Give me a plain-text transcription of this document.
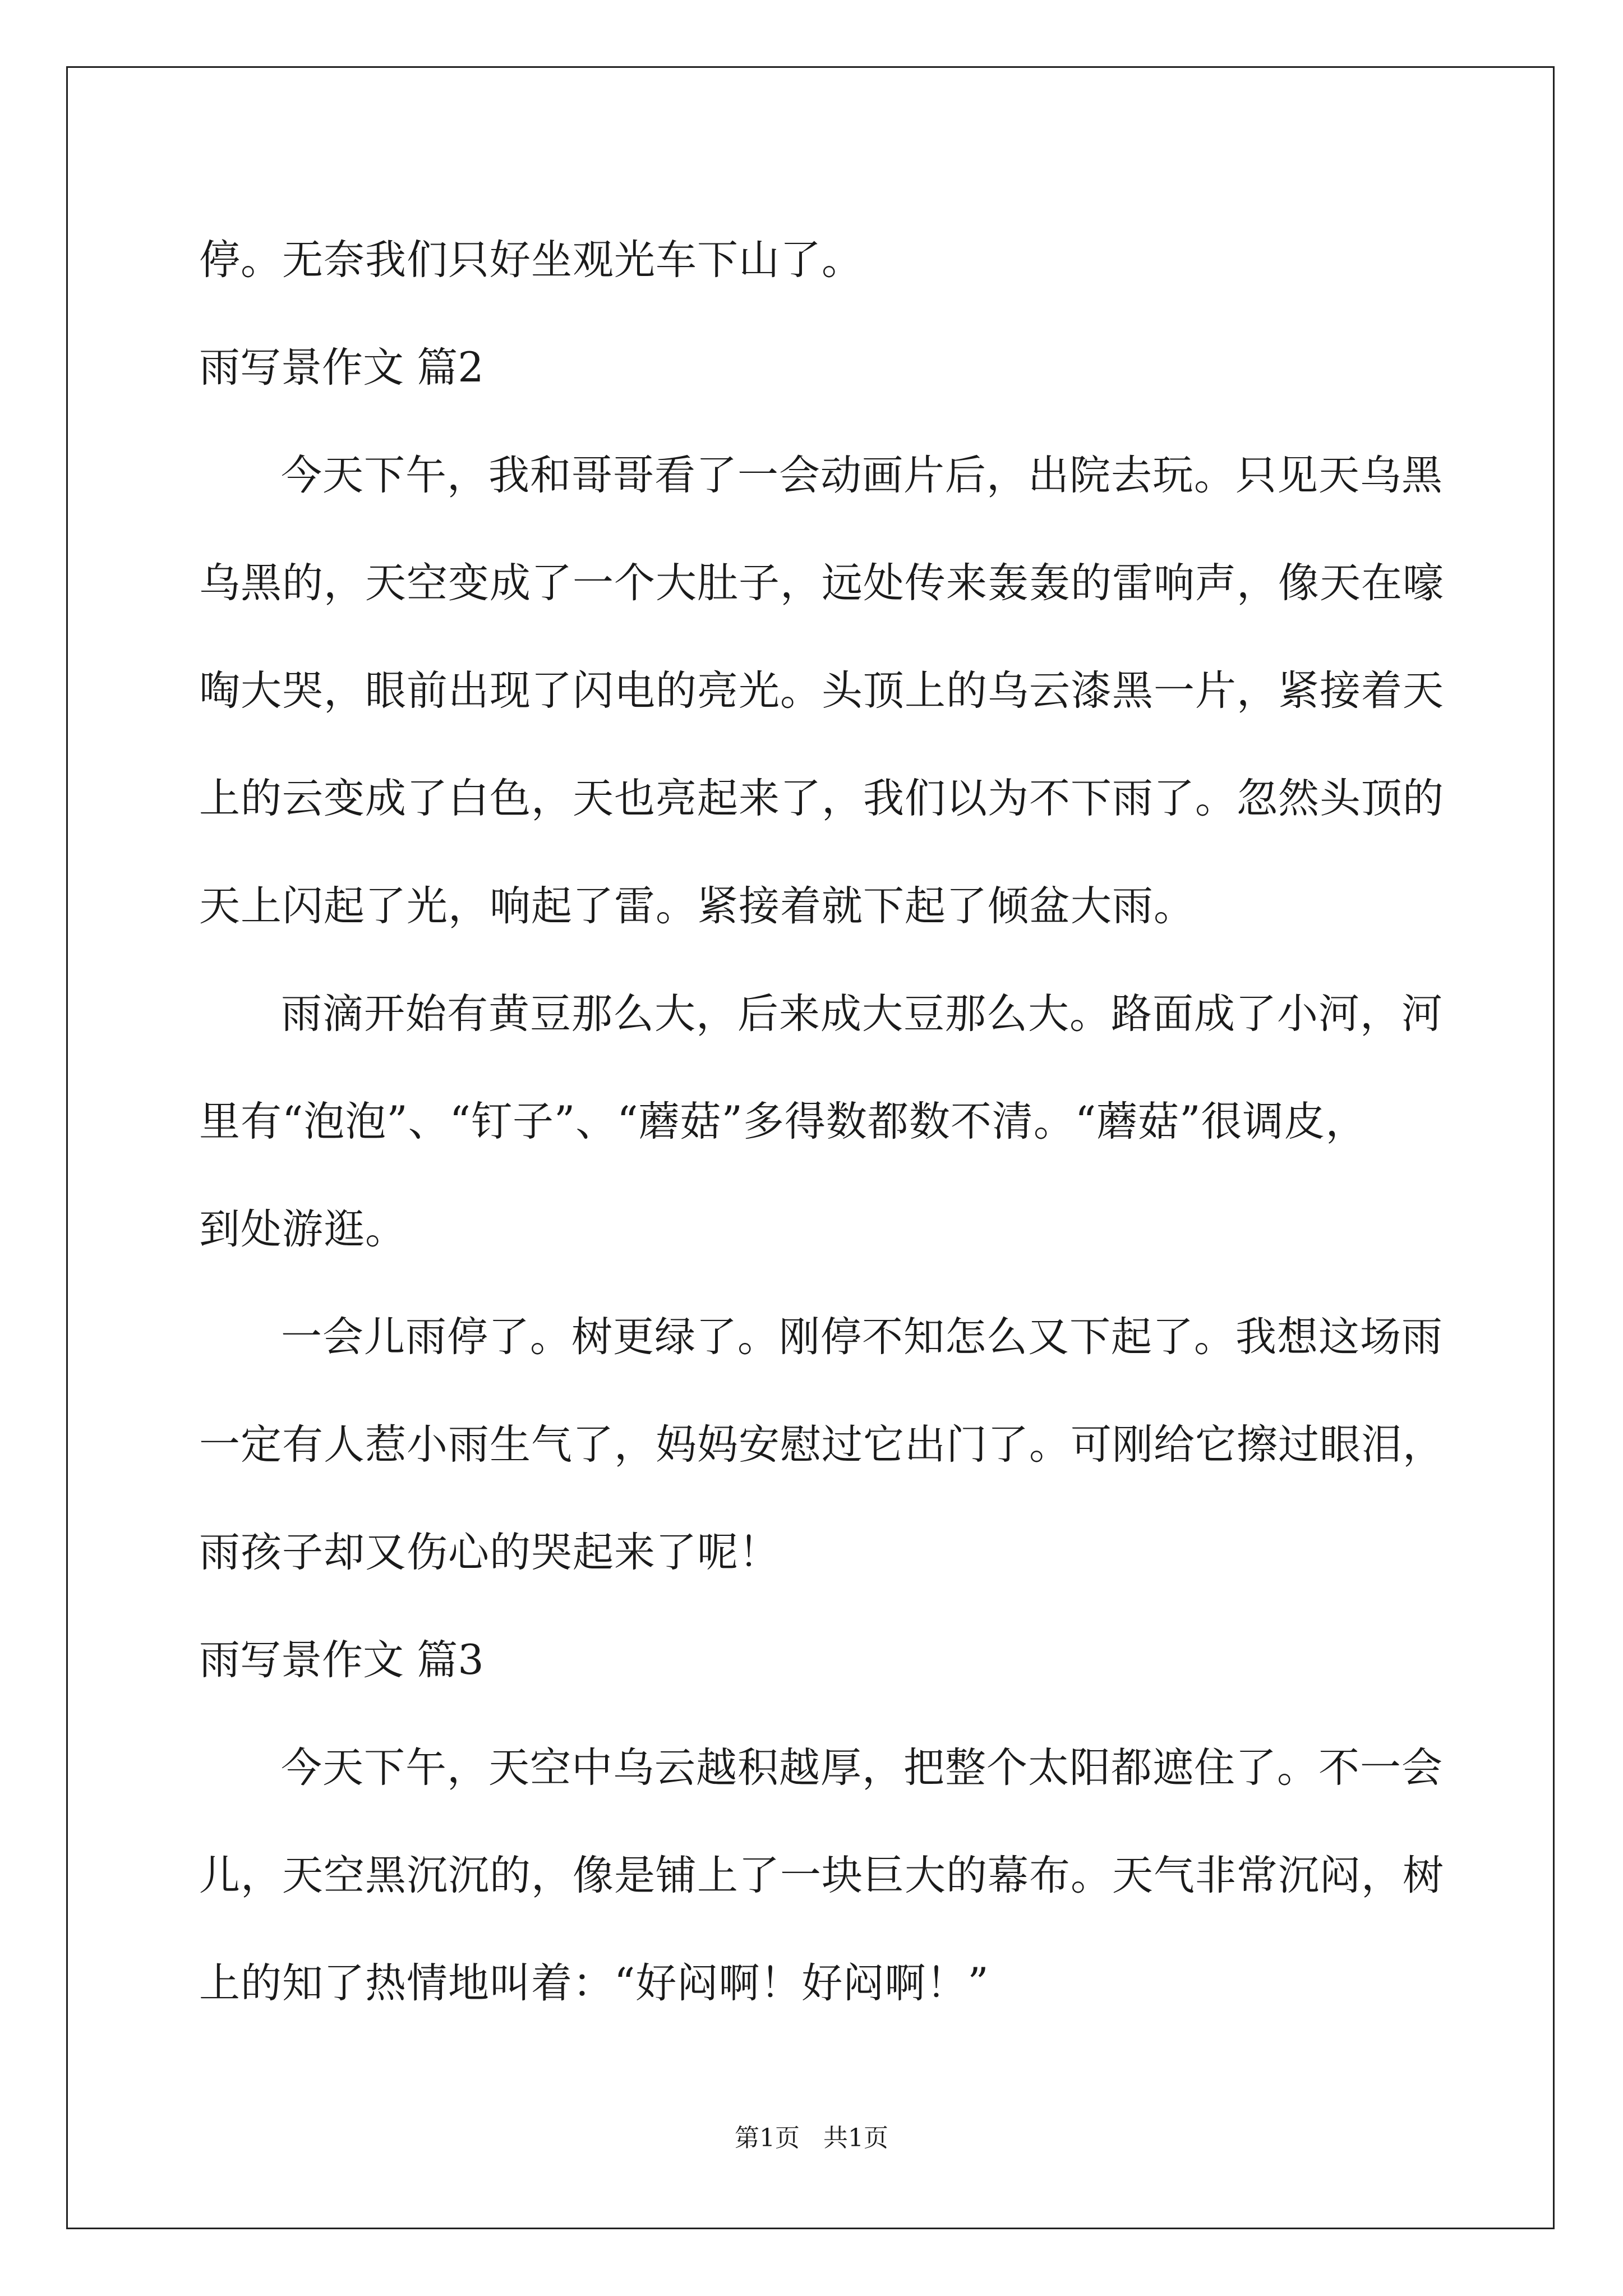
停。无奈我们只好坐观光车下山了。
雨写景作文 篇2
今天下午，我和哥哥看了一会动画片后，出院去玩。只见天乌黑
乌黑的，天空变成了一个大肚子，远处传来轰轰的雷响声，像天在嚎
啕大哭，眼前出现了闪电的亮光。头顶上的乌云漆黑一片，紧接着天
上的云变成了白色，天也亮起来了，我们以为不下雨了。忽然头顶的
天上闪起了光，响起了雷。紧接着就下起了倾盆大雨。
雨滴开始有黄豆那么大，后来成大豆那么大。路面成了小河，河
里有“泡泡”、“钉子”、“蘑菇”多得数都数不清。“蘑菇”很调皮，
到处游逛。
一会儿雨停了。树更绿了。刚停不知怎么又下起了。我想这场雨
一定有人惹小雨生气了，妈妈安慰过它出门了。可刚给它擦过眼泪，
雨孩子却又伤心的哭起来了呢！
雨写景作文 篇3
今天下午，天空中乌云越积越厚，把整个太阳都遮住了。不一会
儿，天空黑沉沉的，像是铺上了一块巨大的幕布。天气非常沉闷，树
上的知了热情地叫着：“好闷啊！好闷啊！”
第1页   共1页
